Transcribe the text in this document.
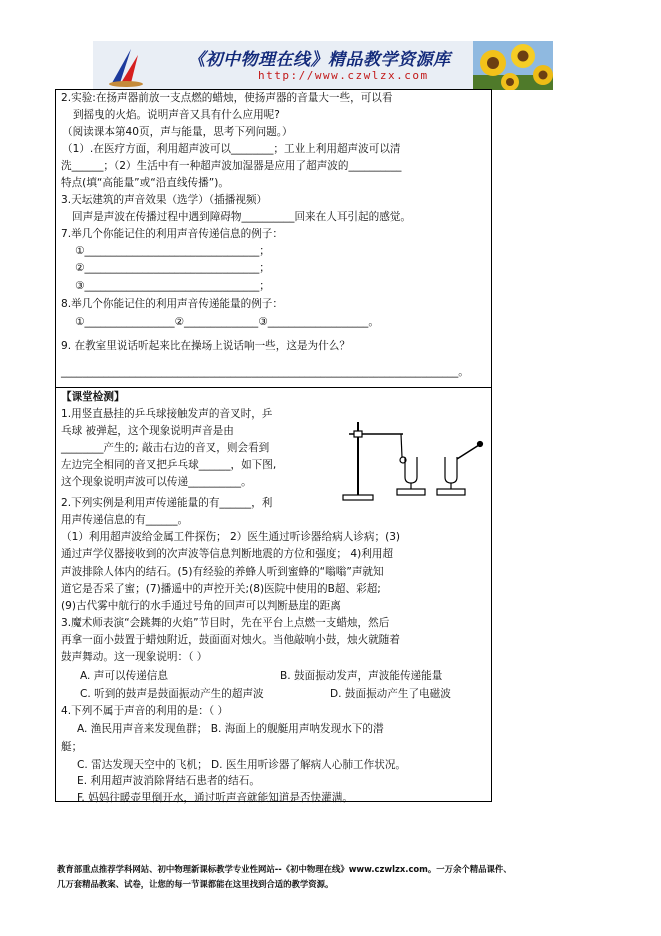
《初中物理在线》精品教学资源库
http://www.czwlzx.com
2.实验:在扬声器前放一支点燃的蜡烛，使扬声器的音量大一些，可以看
到摇曳的火焰。说明声音又具有什么应用呢?
（阅读课本第40页，声与能量，思考下列问题。）
（1）.在医疗方面，利用超声波可以________；工业上利用超声波可以清
洗______；（2）生活中有一种超声波加湿器是应用了超声波的__________
特点(填“高能量”或“沿直线传播”)。
3.天坛建筑的声音效果（选学）（插播视频）
回声是声波在传播过程中遇到障碍物__________回来在人耳引起的感觉。
7.举几个你能记住的利用声音传递信息的例子：
①_________________________________；
②_________________________________；
③_________________________________；
8.举几个你能记住的利用声音传递能量的例子：
①_________________②______________③___________________。
9. 在教室里说话听起来比在操场上说话响一些，这是为什么？
___________________________________________________________________________。
【课堂检测】
1.用竖直悬挂的乒乓球接触发声的音叉时，乒
乓球 被弹起，这个现象说明声音是由
________产生的; 敲击右边的音叉，则会看到
左边完全相同的音叉把乒乓球______，如下图,
这个现象说明声波可以传递__________。
2.下列实例是利用声传递能量的有______，利
用声传递信息的有______。
（1）利用超声波给金属工件探伤； 2）医生通过听诊器给病人诊病；(3)
通过声学仪器接收到的次声波等信息判断地震的方位和强度； 4)利用超
声波排除人体内的结石。(5)有经验的养蜂人听到蜜蜂的“嗡嗡”声就知
道它是否采了蜜；(7)播遥中的声控开关;(8)医院中使用的B超、彩超;
(9)古代雾中航行的水手通过号角的回声可以判断悬崖的距离
3.魔术师表演“会跳舞的火焰”节目时，先在平台上点燃一支蜡烛，然后
再拿一面小鼓置于蜡烛附近，鼓面面对烛火。当他敲响小鼓，烛火就随着
鼓声舞动。这一现象说明：（ ）
A. 声可以传递信息	B. 鼓面振动发声，声波能传递能量
C. 听到的鼓声是鼓面振动产生的超声波	D. 鼓面振动产生了电磁波
4.下列不属于声音的利用的是：（ ）
A. 渔民用声音来发现鱼群； B. 海面上的舰艇用声呐发现水下的潜
艇；
C. 雷达发现天空中的飞机； D. 医生用听诊器了解病人心肺工作状况。
E. 利用超声波消除肾结石患者的结石。
F. 妈妈往暖壶里倒开水，通过听声音就能知道是否快灌满。
教育部重点推荐学科网站、初中物理新课标教学专业性网站--《初中物理在线》www.czwlzx.com。一万余个精品课件、
几万套精品教案、试卷，让您的每一节课都能在这里找到合适的教学资源。
